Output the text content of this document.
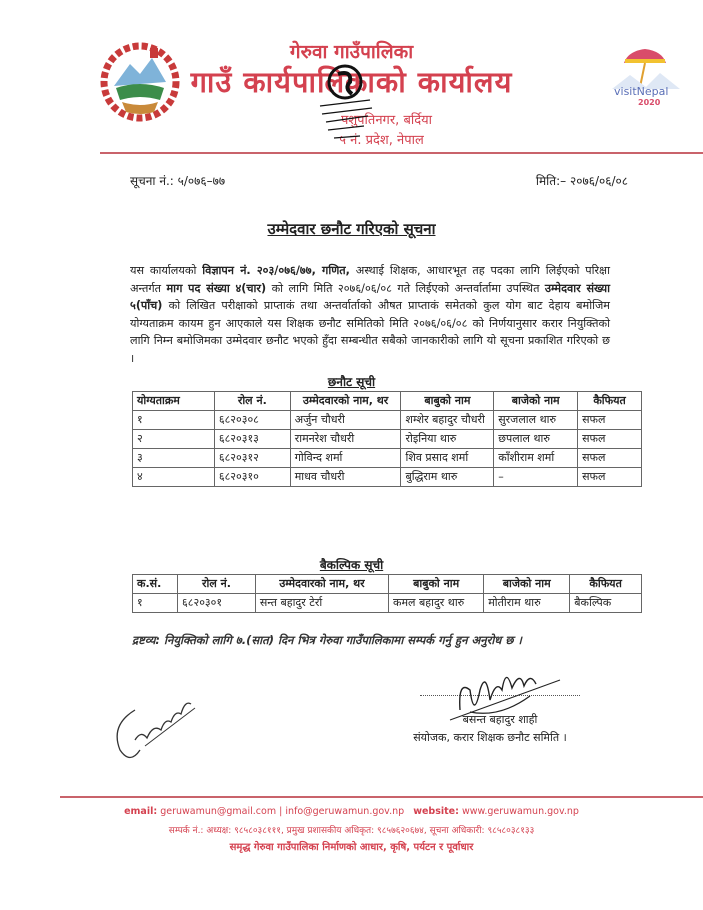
गेरुवा गाउँपालिका
गाउँ कार्यपालिकाको कार्यालय
पशुपतिनगर, बर्दिया
५ नं. प्रदेश, नेपाल
visitNepal
2020
सूचना नं.: ५/०७६–७७	मिति:– २०७६/०६/०८
उम्मेदवार छनौट गरिएको सूचना
यस कार्यालयको विज्ञापन नं. २०३/०७६/७७, गणित, अस्थाई शिक्षक, आधारभूत तह पदका लागि लिईएको परिक्षा अन्तर्गत माग पद संख्या ४(चार) को लागि मिति २०७६/०६/०८ गते लिईएको अन्तर्वार्तामा उपस्थित उम्मेदवार संख्या ५(पाँच) को लिखित परीक्षाको प्राप्ताकं तथा अन्तर्वार्ताको औषत प्राप्ताकं समेतको कुल योग बाट देहाय बमोजिम योग्यताक्रम कायम हुन आएकाले यस शिक्षक छनौट समितिको मिति २०७६/०६/०८ को निर्णयानुसार करार नियुक्तिको लागि निम्न बमोजिमका उम्मेदवार छनौट भएको हुँदा सम्बन्धीत सबैको जानकारीको लागि यो सूचना प्रकाशित गरिएको छ ।
छनौट सूची
योग्यताक्रम	रोल नं.	उम्मेदवारको नाम, थर	बाबुको नाम	बाजेको नाम	कैफियत
१	६८२०३०८	अर्जुन चौधरी	शम्शेर बहादुर चौधरी	सुरजलाल थारु	सफल
२	६८२०३१३	रामनरेश चौधरी	रोइनिया थारु	छपलाल थारु	सफल
३	६८२०३१२	गोविन्द शर्मा	शिव प्रसाद शर्मा	काँशीराम शर्मा	सफल
४	६८२०३१०	माधव चौधरी	बुद्धिराम थारु	–	सफल
बैकल्पिक सूची
क.सं.	रोल नं.	उम्मेदवारको नाम, थर	बाबुको नाम	बाजेको नाम	कैफियत
१	६८२०३०१	सन्त बहादुर टेर्रा	कमल बहादुर थारु	मोतीराम थारु	बैकल्पिक
द्रष्टव्य: नियुक्तिको लागि ७.(सात) दिन भित्र गेरुवा गाउँपालिकामा सम्पर्क गर्नु हुन अनुरोध छ ।
बसन्त बहादुर शाही
संयोजक, करार शिक्षक छनौट समिति ।
email: geruwamun@gmail.com | info@geruwamun.gov.np website: www.geruwamun.gov.np
सम्पर्क नं.: अध्यक्ष: ९८५८०३८१११, प्रमुख प्रशासकीय अधिकृत: ९८५७६२०६७४, सूचना अधिकारी: ९८५८०३८१३३
समृद्ध गेरुवा गाउँपालिका निर्माणको आधार, कृषि, पर्यटन र पूर्वाधार
